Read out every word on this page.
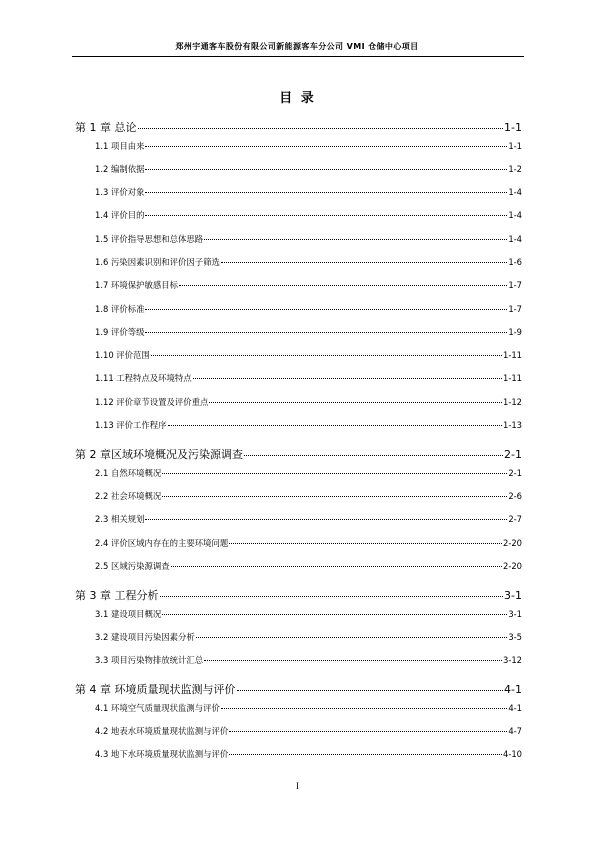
郑州宇通客车股份有限公司新能源客车分公司 VMI 仓储中心项目
目 录
第 1 章 总论	1-1
1.1 项目由来	1-1
1.2 编制依据	1-2
1.3 评价对象	1-4
1.4 评价目的	1-4
1.5 评价指导思想和总体思路	1-4
1.6 污染因素识别和评价因子筛选	1-6
1.7 环境保护敏感目标	1-7
1.8 评价标准	1-7
1.9 评价等级	1-9
1.10 评价范围	1-11
1.11 工程特点及环境特点	1-11
1.12 评价章节设置及评价重点	1-12
1.13 评价工作程序	1-13
第 2 章区域环境概况及污染源调查	2-1
2.1 自然环境概况	2-1
2.2 社会环境概况	2-6
2.3 相关规划	2-7
2.4 评价区域内存在的主要环境问题	2-20
2.5 区域污染源调查	2-20
第 3 章 工程分析	3-1
3.1 建设项目概况	3-1
3.2 建设项目污染因素分析	3-5
3.3 项目污染物排放统计汇总	3-12
第 4 章 环境质量现状监测与评价	4-1
4.1 环境空气质量现状监测与评价	4-1
4.2 地表水环境质量现状监测与评价	4-7
4.3 地下水环境质量现状监测与评价	4-10
I
